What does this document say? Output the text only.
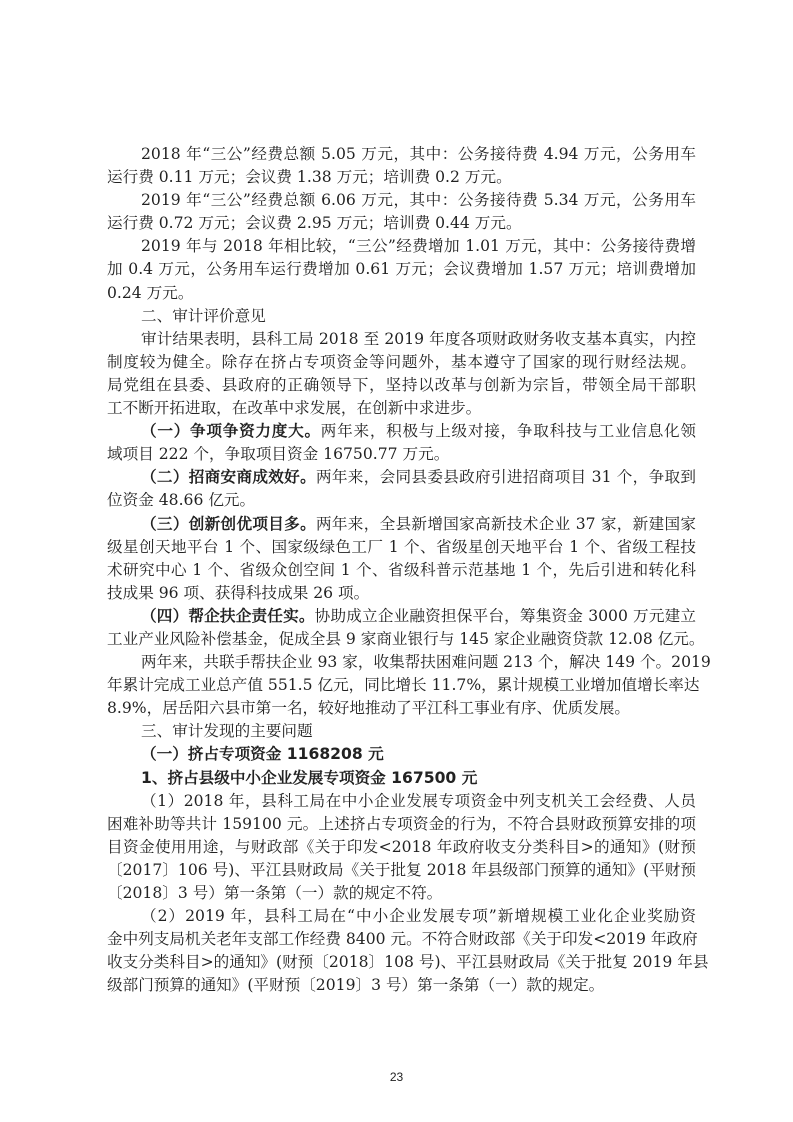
2018 年“三公”经费总额 5.05 万元，其中：公务接待费 4.94 万元，公务用车
运行费 0.11 万元；会议费 1.38 万元；培训费 0.2 万元。
2019 年“三公”经费总额 6.06 万元，其中：公务接待费 5.34 万元，公务用车
运行费 0.72 万元；会议费 2.95 万元；培训费 0.44 万元。
2019 年与 2018 年相比较，“三公”经费增加 1.01 万元，其中：公务接待费增
加 0.4 万元，公务用车运行费增加 0.61 万元；会议费增加 1.57 万元；培训费增加
0.24 万元。
二、审计评价意见
审计结果表明，县科工局 2018 至 2019 年度各项财政财务收支基本真实，内控
制度较为健全。除存在挤占专项资金等问题外，基本遵守了国家的现行财经法规。
局党组在县委、县政府的正确领导下，坚持以改革与创新为宗旨，带领全局干部职
工不断开拓进取，在改革中求发展，在创新中求进步。
（一）争项争资力度大。两年来，积极与上级对接，争取科技与工业信息化领
域项目 222 个，争取项目资金 16750.77 万元。
（二）招商安商成效好。两年来，会同县委县政府引进招商项目 31 个，争取到
位资金 48.66 亿元。
（三）创新创优项目多。两年来，全县新增国家高新技术企业 37 家，新建国家
级星创天地平台 1 个、国家级绿色工厂 1 个、省级星创天地平台 1 个、省级工程技
术研究中心 1 个、省级众创空间 1 个、省级科普示范基地 1 个，先后引进和转化科
技成果 96 项、获得科技成果 26 项。
（四）帮企扶企责任实。协助成立企业融资担保平台，筹集资金 3000 万元建立
工业产业风险补偿基金，促成全县 9 家商业银行与 145 家企业融资贷款 12.08 亿元。
两年来，共联手帮扶企业 93 家，收集帮扶困难问题 213 个，解决 149 个。2019
年累计完成工业总产值 551.5 亿元，同比增长 11.7%，累计规模工业增加值增长率达
8.9%，居岳阳六县市第一名，较好地推动了平江科工事业有序、优质发展。
三、审计发现的主要问题
（一）挤占专项资金 1168208 元
1、挤占县级中小企业发展专项资金 167500 元
（1）2018 年，县科工局在中小企业发展专项资金中列支机关工会经费、人员
困难补助等共计 159100 元。上述挤占专项资金的行为，不符合县财政预算安排的项
目资金使用用途，与财政部《关于印发<2018 年政府收支分类科目>的通知》(财预
〔2017〕106 号)、平江县财政局《关于批复 2018 年县级部门预算的通知》(平财预
〔2018〕3 号）第一条第（一）款的规定不符。
（2）2019 年，县科工局在“中小企业发展专项”新增规模工业化企业奖励资
金中列支局机关老年支部工作经费 8400 元。不符合财政部《关于印发<2019 年政府
收支分类科目>的通知》(财预〔2018〕108 号)、平江县财政局《关于批复 2019 年县
级部门预算的通知》(平财预〔2019〕3 号）第一条第（一）款的规定。
23
